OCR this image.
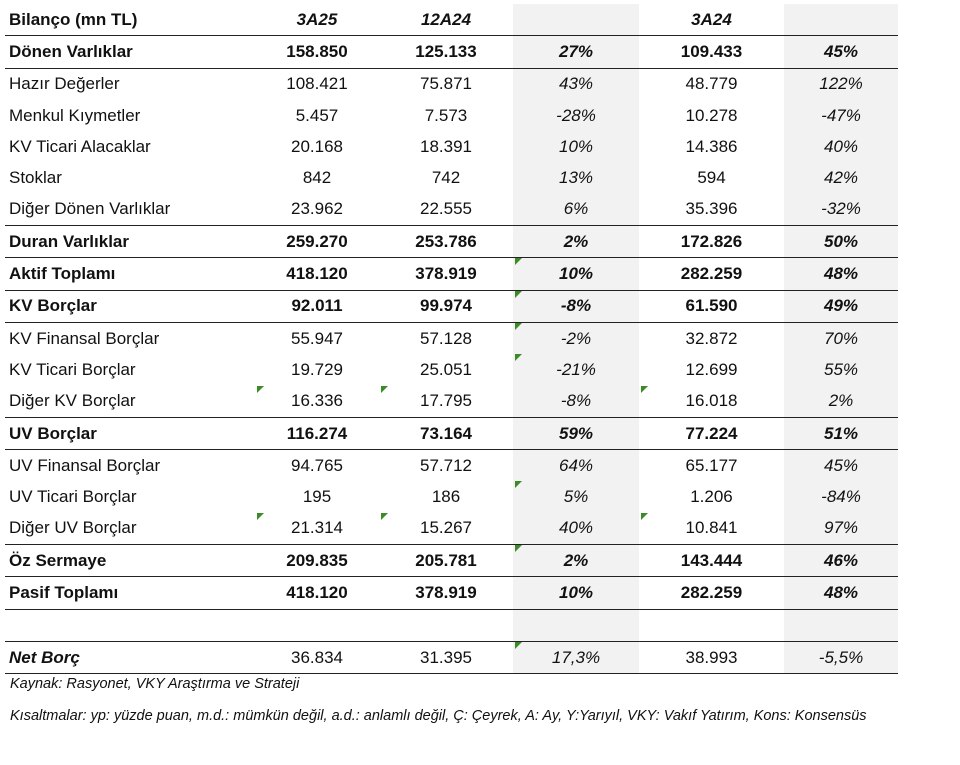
Bilanço (mn TL)	3A25	12A24		3A24	
Dönen Varlıklar	158.850	125.133	27%	109.433	45%
Hazır Değerler	108.421	75.871	43%	48.779	122%
Menkul Kıymetler	5.457	7.573	-28%	10.278	-47%
KV Ticari Alacaklar	20.168	18.391	10%	14.386	40%
Stoklar	842	742	13%	594	42%
Diğer Dönen Varlıklar	23.962	22.555	6%	35.396	-32%
Duran Varlıklar	259.270	253.786	2%	172.826	50%
Aktif Toplamı	418.120	378.919	10%	282.259	48%
KV Borçlar	92.011	99.974	-8%	61.590	49%
KV Finansal Borçlar	55.947	57.128	-2%	32.872	70%
KV Ticari Borçlar	19.729	25.051	-21%	12.699	55%
Diğer KV Borçlar	16.336	17.795	-8%	16.018	2%
UV Borçlar	116.274	73.164	59%	77.224	51%
UV Finansal Borçlar	94.765	57.712	64%	65.177	45%
UV Ticari Borçlar	195	186	5%	1.206	-84%
Diğer UV Borçlar	21.314	15.267	40%	10.841	97%
Öz Sermaye	209.835	205.781	2%	143.444	46%
Pasif Toplamı	418.120	378.919	10%	282.259	48%

Net Borç	36.834	31.395	17,3%	38.993	-5,5%
Kaynak: Rasyonet, VKY Araştırma ve Strateji
Kısaltmalar: yp: yüzde puan, m.d.: mümkün değil, a.d.: anlamlı değil, Ç: Çeyrek, A: Ay, Y:Yarıyıl, VKY: Vakıf Yatırım, Kons: Konsensüs
